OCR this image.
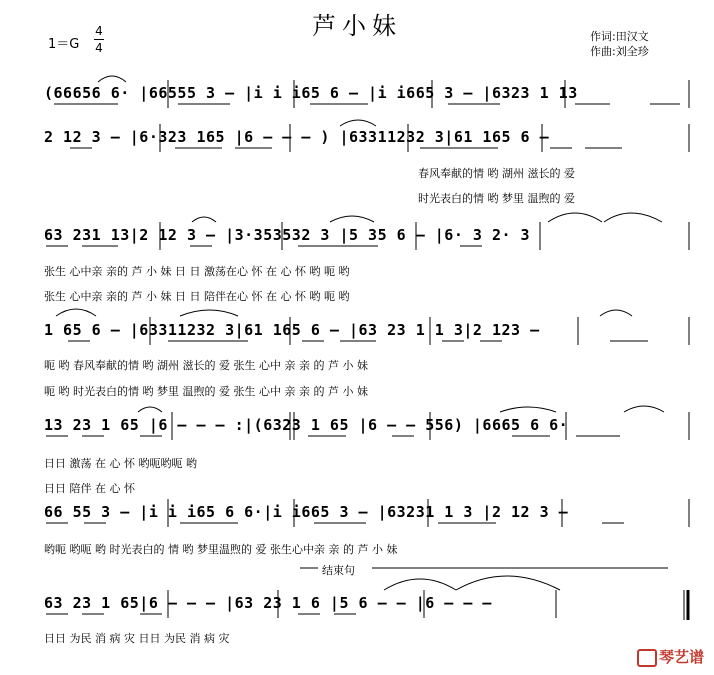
芦小妹
1＝G
4
4
作词:田汉文
作曲:刘全珍
(66656 6· |66555 3 – |i i i65 6 – |i i665 3 – |6323 1 13
2 12 3 – |6·323 165 |6 – – – ) |63311232 3|61 165 6 –
春风奉献的情 哟 湖州 滋长的 爱
时光表白的情 哟 梦里 温煦的 爱
63 231 13|2 12 3 – |3·353532 3 |5 35 6 – |6· 3 2· 3
张生 心中亲 亲的 芦 小 妹 日 日 激荡在心 怀 在 心 怀 哟 呃 哟
张生 心中亲 亲的 芦 小 妹 日 日 陪伴在心 怀 在 心 怀 哟 呃 哟
1 65 6 – |63311232 3|61 165 6 – |63 23 1 1 3|2 123 –
呃 哟 春风奉献的情 哟 湖州 滋长的 爱 张生 心中 亲 亲 的 芦 小 妹
呃 哟 时光表白的情 哟 梦里 温煦的 爱 张生 心中 亲 亲 的 芦 小 妹
13 23 1 65 |6 – – – :|(6323 1 65 |6 – – 556) |6665 6 6·
日日 激荡 在 心 怀 哟呃哟呃 哟
日日 陪伴 在 心 怀
66 55 3 – |i i i65 6 6·|i i665 3 – |63231 1 3 |2 12 3 –
哟呃 哟呃 哟 时光表白的 情 哟 梦里温煦的 爱 张生心中亲 亲 的 芦 小 妹
结束句
63 23 1 65|6 – – – |63 23 1 6 |5 6 – – |6 – – –
日日 为民 消 病 灾 日日 为民 消 病 灾
琴艺谱
